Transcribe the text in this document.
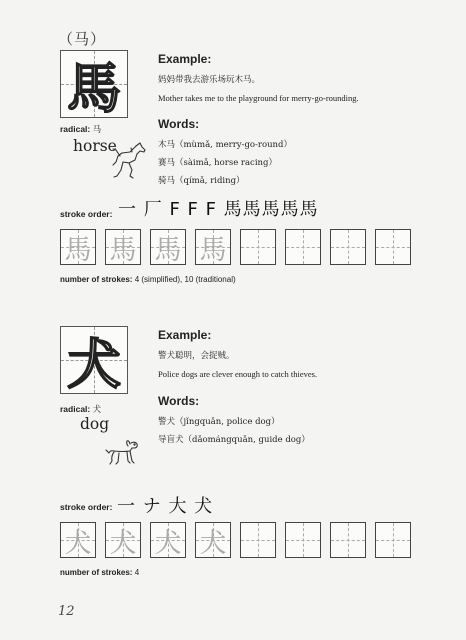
（马）
馬
radical: 马
horse
Example:
妈妈带我去游乐场玩木马。
Mother takes me to the playground for merry-go-rounding.
Words:
木马（mùmǎ, merry-go-round）
赛马（sàimǎ, horse racing）
骑马（qímǎ, riding）
stroke order: 一 厂 F F F 馬馬馬馬馬
馬 馬 馬 馬
number of strokes: 4 (simplified), 10 (traditional)
犬
radical: 犬
dog
Example:
警犬聪明，会捉贼。
Police dogs are clever enough to catch thieves.
Words:
警犬（jǐngquǎn, police dog）
导盲犬（dǎomángquǎn, guide dog）
stroke order: 一 ナ 大 犬
犬 犬 犬 犬
number of strokes: 4
12
